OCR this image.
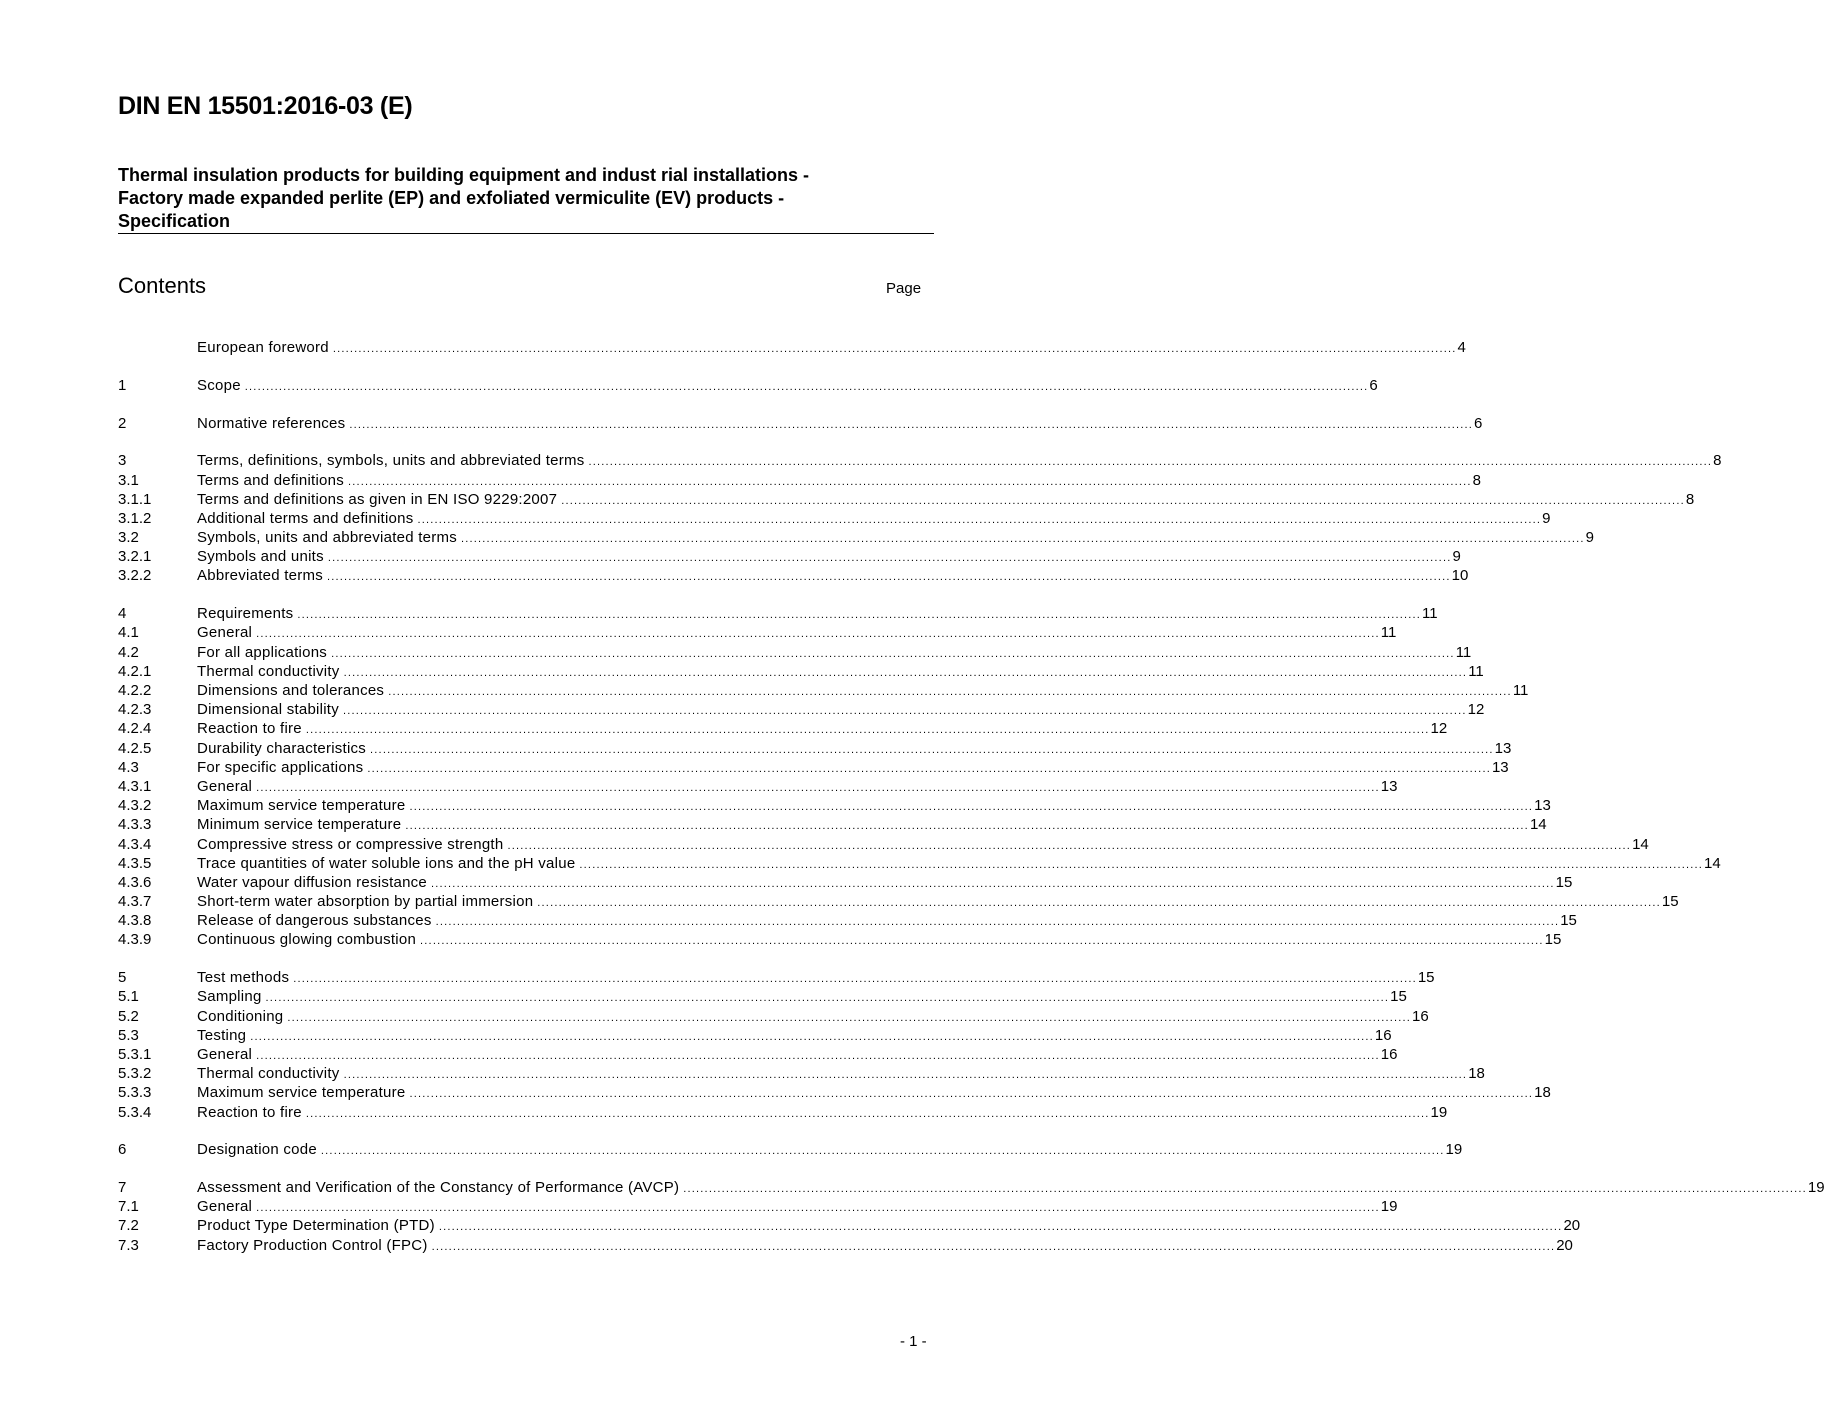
DIN EN 15501:2016-03 (E)
Thermal insulation products for building equipment and indust rial installations -
Factory made expanded perlite (EP) and exfoliated vermiculite (EV) products -
Specification
Contents	Page
European foreword ........................................................................................................................................................................................................................................................................ 4
1	Scope ........................................................................................................................................................................................................................................................................ 6
2	Normative references ........................................................................................................................................................................................................................................................................ 6
3	Terms, definitions, symbols, units and abbreviated terms ........................................................................................................................................................................................................................................................................ 8
3.1	Terms and definitions ........................................................................................................................................................................................................................................................................ 8
3.1.1	Terms and definitions as given in EN ISO 9229:2007 ........................................................................................................................................................................................................................................................................ 8
3.1.2	Additional terms and definitions ........................................................................................................................................................................................................................................................................ 9
3.2	Symbols, units and abbreviated terms ........................................................................................................................................................................................................................................................................ 9
3.2.1	Symbols and units ........................................................................................................................................................................................................................................................................ 9
3.2.2	Abbreviated terms ........................................................................................................................................................................................................................................................................ 10
4	Requirements ........................................................................................................................................................................................................................................................................ 11
4.1	General ........................................................................................................................................................................................................................................................................ 11
4.2	For all applications ........................................................................................................................................................................................................................................................................ 11
4.2.1	Thermal conductivity ........................................................................................................................................................................................................................................................................ 11
4.2.2	Dimensions and tolerances ........................................................................................................................................................................................................................................................................ 11
4.2.3	Dimensional stability ........................................................................................................................................................................................................................................................................ 12
4.2.4	Reaction to fire ........................................................................................................................................................................................................................................................................ 12
4.2.5	Durability characteristics ........................................................................................................................................................................................................................................................................ 13
4.3	For specific applications ........................................................................................................................................................................................................................................................................ 13
4.3.1	General ........................................................................................................................................................................................................................................................................ 13
4.3.2	Maximum service temperature ........................................................................................................................................................................................................................................................................ 13
4.3.3	Minimum service temperature ........................................................................................................................................................................................................................................................................ 14
4.3.4	Compressive stress or compressive strength ........................................................................................................................................................................................................................................................................ 14
4.3.5	Trace quantities of water soluble ions and the pH value ........................................................................................................................................................................................................................................................................ 14
4.3.6	Water vapour diffusion resistance ........................................................................................................................................................................................................................................................................ 15
4.3.7	Short-term water absorption by partial immersion ........................................................................................................................................................................................................................................................................ 15
4.3.8	Release of dangerous substances ........................................................................................................................................................................................................................................................................ 15
4.3.9	Continuous glowing combustion ........................................................................................................................................................................................................................................................................ 15
5	Test methods ........................................................................................................................................................................................................................................................................ 15
5.1	Sampling ........................................................................................................................................................................................................................................................................ 15
5.2	Conditioning ........................................................................................................................................................................................................................................................................ 16
5.3	Testing ........................................................................................................................................................................................................................................................................ 16
5.3.1	General ........................................................................................................................................................................................................................................................................ 16
5.3.2	Thermal conductivity ........................................................................................................................................................................................................................................................................ 18
5.3.3	Maximum service temperature ........................................................................................................................................................................................................................................................................ 18
5.3.4	Reaction to fire ........................................................................................................................................................................................................................................................................ 19
6	Designation code ........................................................................................................................................................................................................................................................................ 19
7	Assessment and Verification of the Constancy of Performance (AVCP) ........................................................................................................................................................................................................................................................................ 19
7.1	General ........................................................................................................................................................................................................................................................................ 19
7.2	Product Type Determination (PTD) ........................................................................................................................................................................................................................................................................ 20
7.3	Factory Production Control (FPC) ........................................................................................................................................................................................................................................................................ 20
- 1 -
